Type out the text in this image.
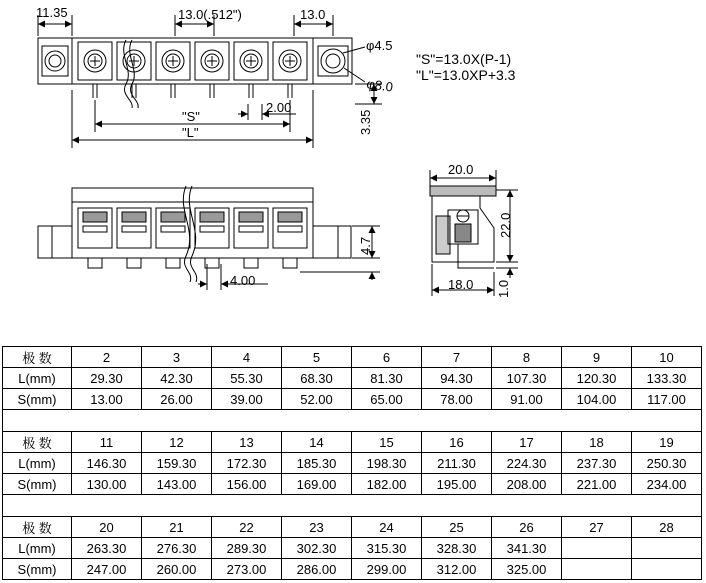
11.35	13.0(.512")	13.0
φ4.5
φ8.0
2.00
3.35
"S"
"L"
"S"=13.0X(P-1)
"L"=13.0XP+3.3
4.00
4.7
20.0
22.0
18.0 1.0
极 数	2	3	4	5	6	7	8	9	10
L(mm)	29.30	42.30	55.30	68.30	81.30	94.30	107.30	120.30	133.30
S(mm)	13.00	26.00	39.00	52.00	65.00	78.00	91.00	104.00	117.00

极 数	11	12	13	14	15	16	17	18	19
L(mm)	146.30	159.30	172.30	185.30	198.30	211.30	224.30	237.30	250.30
S(mm)	130.00	143.00	156.00	169.00	182.00	195.00	208.00	221.00	234.00

极 数	20	21	22	23	24	25	26	27	28
L(mm)	263.30	276.30	289.30	302.30	315.30	328.30	341.30		
S(mm)	247.00	260.00	273.00	286.00	299.00	312.00	325.00		
